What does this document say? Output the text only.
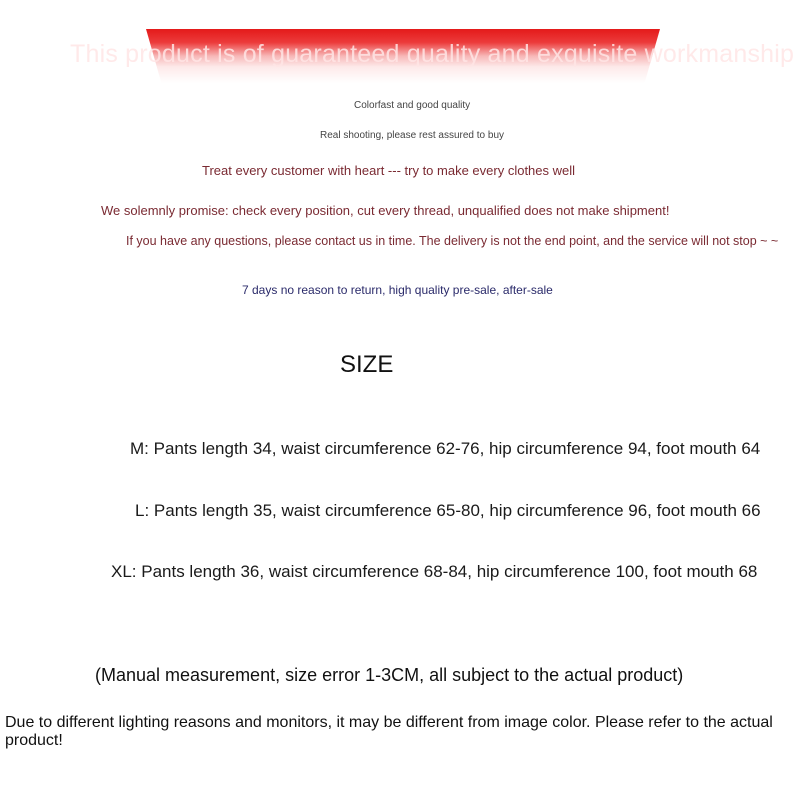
This product is of guaranteed quality and exquisite workmanship
Colorfast and good quality
Real shooting, please rest assured to buy
Treat every customer with heart --- try to make every clothes well
We solemnly promise: check every position, cut every thread, unqualified does not make shipment!
If you have any questions, please contact us in time. The delivery is not the end point, and the service will not stop ~ ~
7 days no reason to return, high quality pre-sale, after-sale
SIZE
M: Pants length 34, waist circumference 62-76, hip circumference 94, foot mouth 64
L: Pants length 35, waist circumference 65-80, hip circumference 96, foot mouth 66
XL: Pants length 36, waist circumference 68-84, hip circumference 100, foot mouth 68
(Manual measurement, size error 1-3CM, all subject to the actual product)
Due to different lighting reasons and monitors, it may be different from image color. Please refer to the actual product!
